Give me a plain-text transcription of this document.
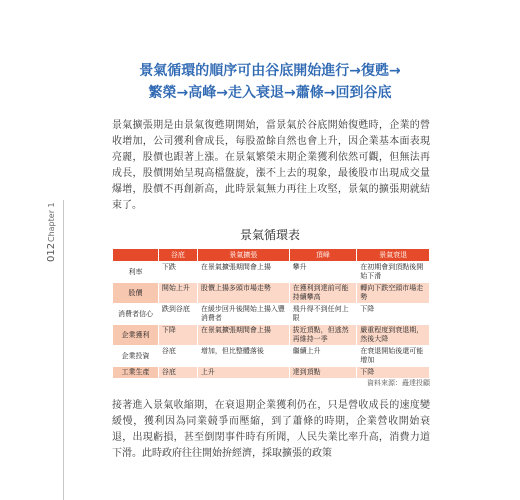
012
Chapter 1
景氣循環的順序可由谷底開始進行→復甦→
繁榮→高峰→走入衰退→蕭條→回到谷底
景氣擴張期是由景氣復甦期開始，當景氣於谷底開始復甦時，企業的營收增加，公司獲利會成長，每股盈餘自然也會上升，因企業基本面表現亮麗，股價也跟著上漲。在景氣繁榮末期企業獲利依然可觀，但無法再成長，股價開始呈現高檔盤旋，漲不上去的現象，最後股市出現成交量爆增，股價不再創新高，此時景氣無力再往上攻堅，景氣的擴張期就結束了。
景氣循環表
	谷底	景氣擴張	頂峰	景氣衰退
利率	下跌	在景氣擴張期間會上揚	攀升	在初期會到頂點後開始下滑
股價	開始上升	股價上揚多頭市場走勢	在獲利到達前可能持續攀高	轉向下跌空頭市場走勢
消費者信心	跌到谷底	在緩步回升後開始上揚入豐消費者	飛升得不到任何上限	下降
企業獲利	下降	在景氣擴張期間會上揚	拔近頂點，但逃然再維持一季	嚴重程度到衰退期，然後大降
企業投資	谷底	增加，但比整體落後	繼續上升	在衰退開始後還可能增加
工業生產	谷底	上升	達到頂點	下降
資料來源：矗達投顧
接著進入景氣收縮期，在衰退期企業獲利仍在，只是營收成長的速度變緩慢，獲利因為同業競爭而壓縮，到了蕭條的時期，企業營收開始衰退，出現虧損，甚至倒閉事件時有所聞，人民失業比率升高，消費力道下滑。此時政府往往開始拚經濟，採取擴張的政策
